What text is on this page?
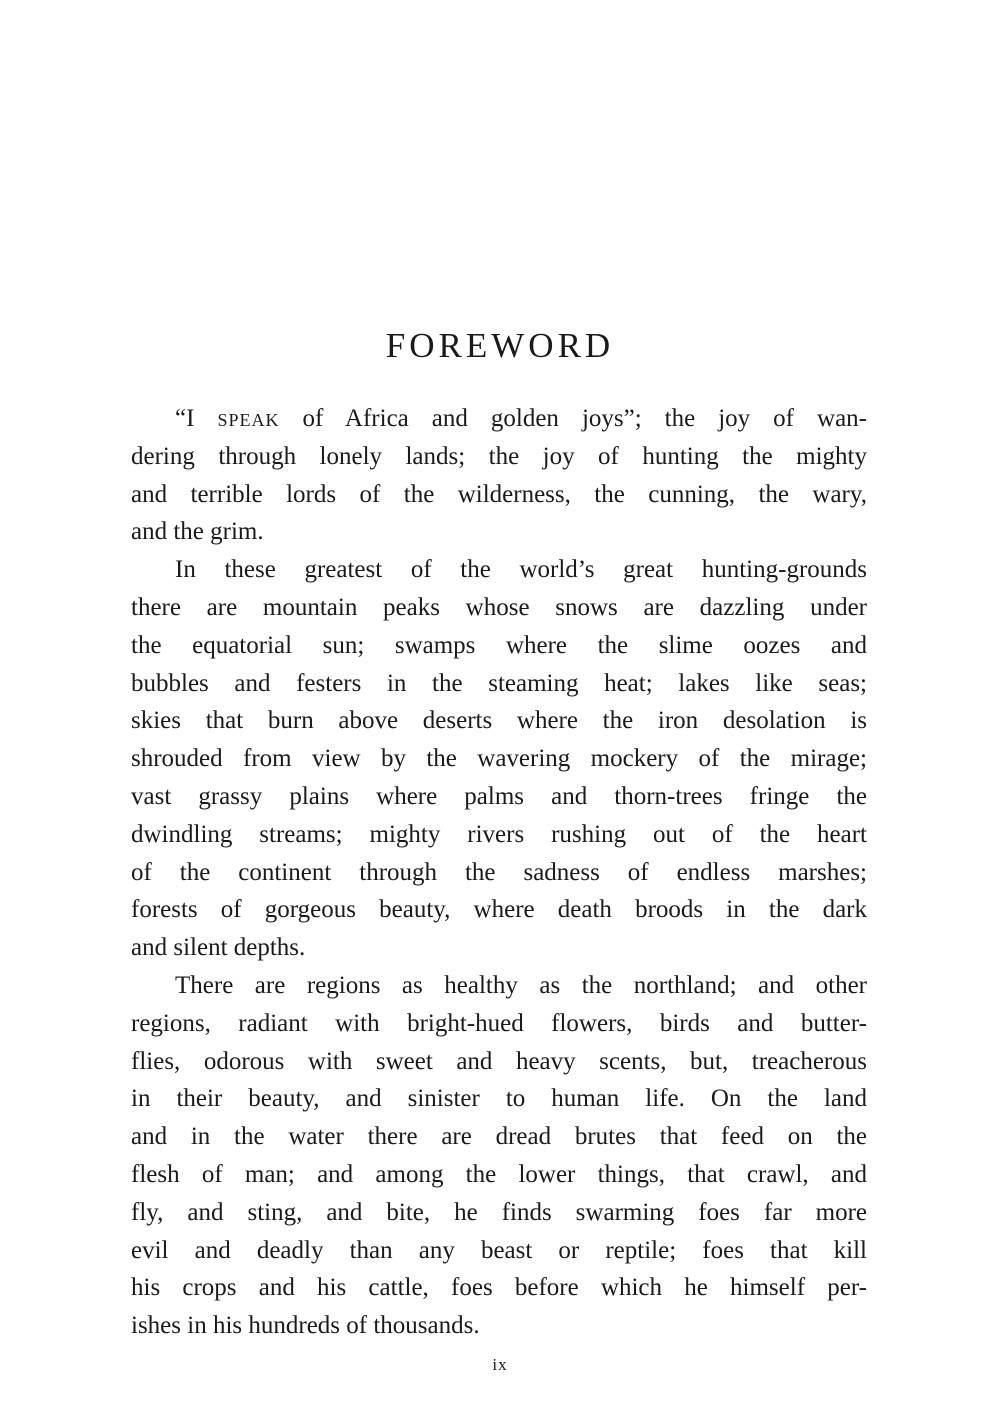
FOREWORD

“I speak of Africa and golden joys”; the joy of wan-
dering through lonely lands; the joy of hunting the mighty
and terrible lords of the wilderness, the cunning, the wary,
and the grim.

In these greatest of the world’s great hunting-grounds
there are mountain peaks whose snows are dazzling under
the equatorial sun; swamps where the slime oozes and
bubbles and festers in the steaming heat; lakes like seas;
skies that burn above deserts where the iron desolation is
shrouded from view by the wavering mockery of the mirage;
vast grassy plains where palms and thorn-trees fringe the
dwindling streams; mighty rivers rushing out of the heart
of the continent through the sadness of endless marshes;
forests of gorgeous beauty, where death broods in the dark
and silent depths.

There are regions as healthy as the northland; and other
regions, radiant with bright-hued flowers, birds and butter-
flies, odorous with sweet and heavy scents, but, treacherous
in their beauty, and sinister to human life. On the land
and in the water there are dread brutes that feed on the
flesh of man; and among the lower things, that crawl, and
fly, and sting, and bite, he finds swarming foes far more
evil and deadly than any beast or reptile; foes that kill
his crops and his cattle, foes before which he himself per-
ishes in his hundreds of thousands.

ix
